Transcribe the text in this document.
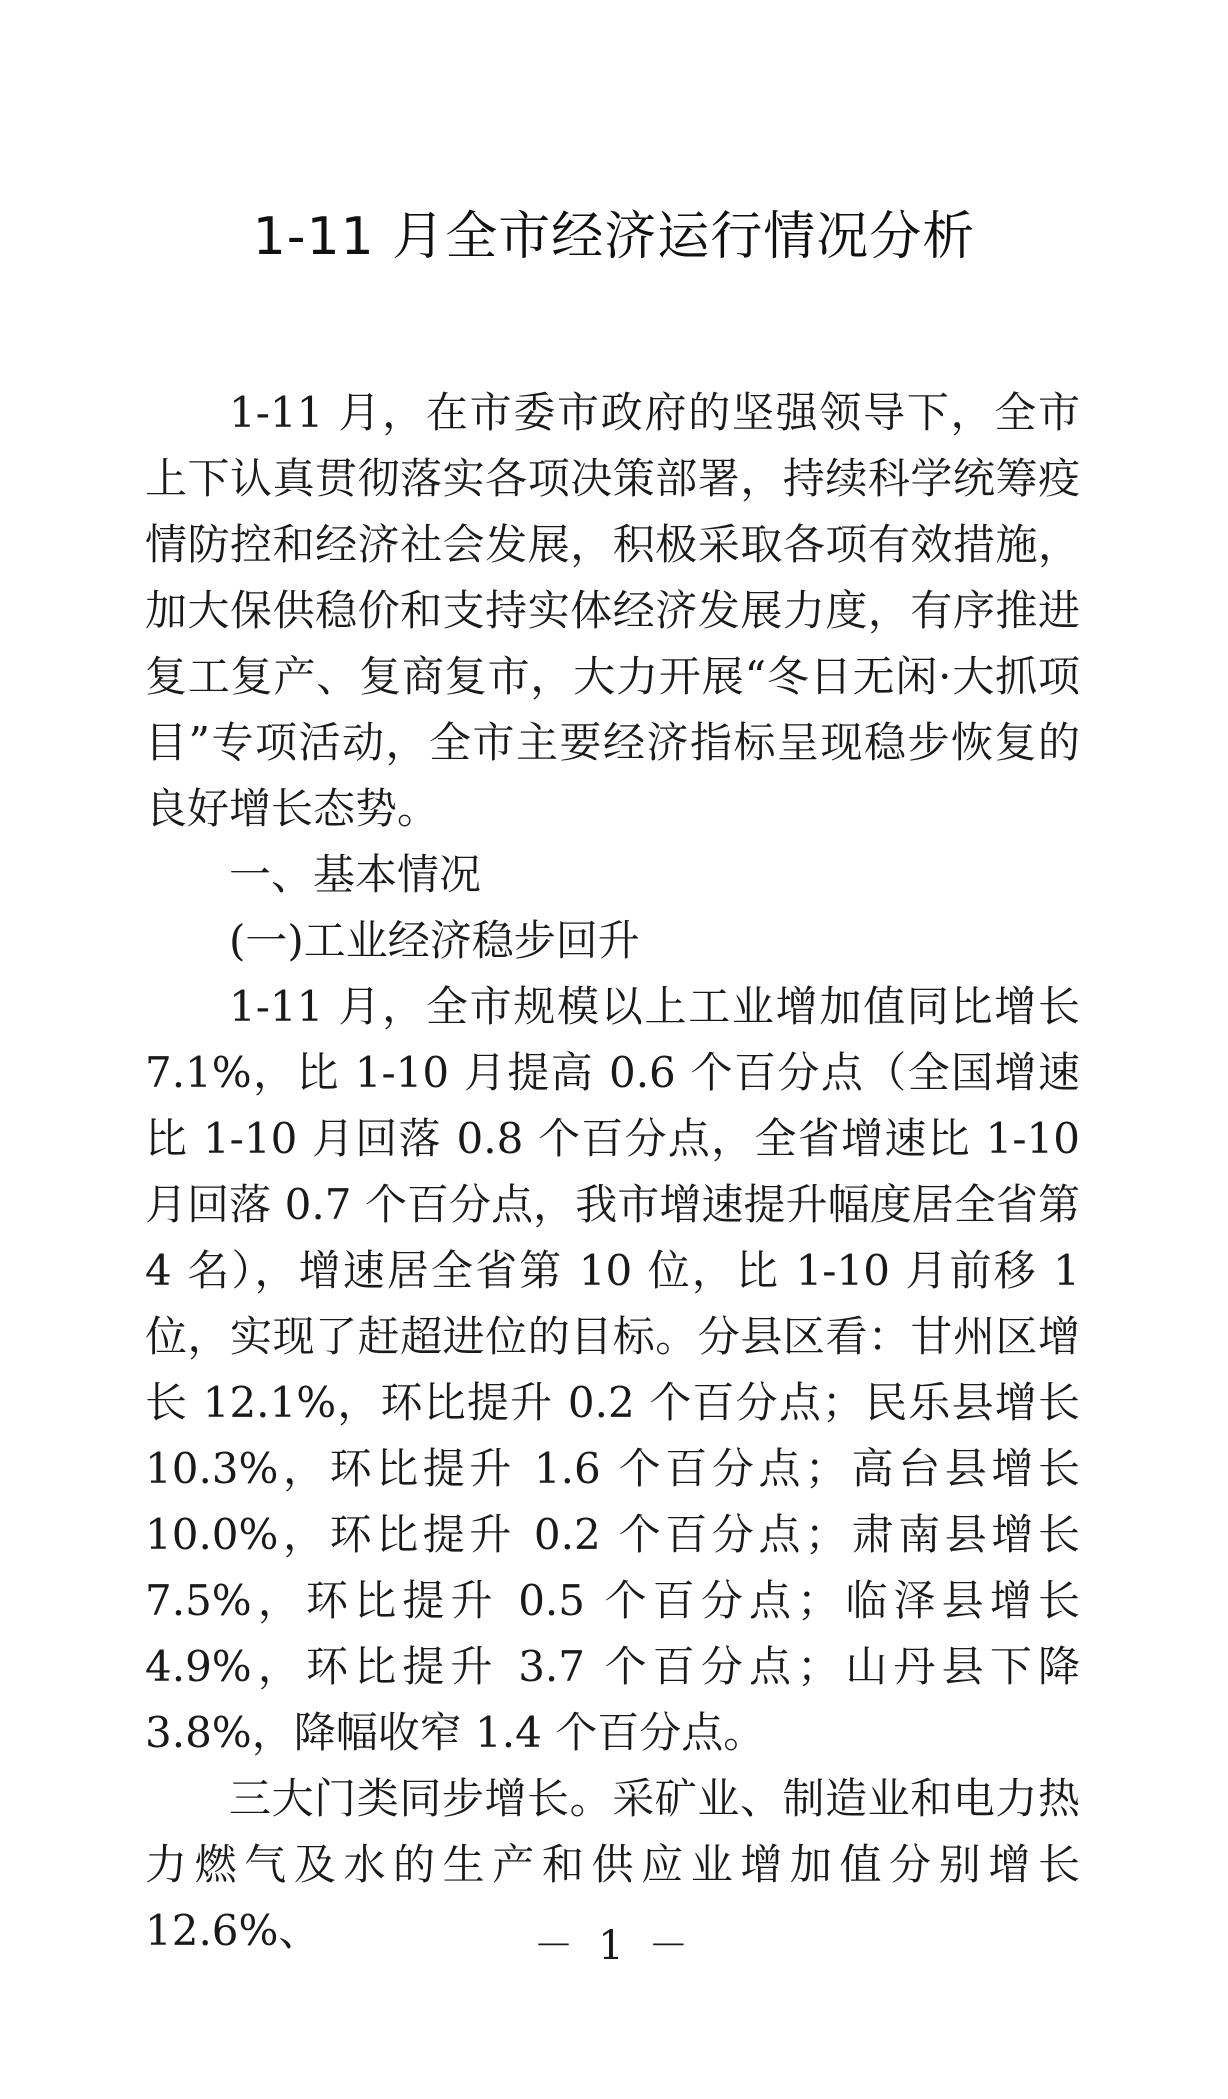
1-11 月全市经济运行情况分析

1-11 月，在市委市政府的坚强领导下，全市上下认真贯彻落实各项决策部署，持续科学统筹疫情防控和经济社会发展，积极采取各项有效措施，加大保供稳价和支持实体经济发展力度，有序推进复工复产、复商复市，大力开展“冬日无闲·大抓项目”专项活动，全市主要经济指标呈现稳步恢复的良好增长态势。

一、基本情况

(一)工业经济稳步回升

1-11 月，全市规模以上工业增加值同比增长 7.1%，比 1-10 月提高 0.6 个百分点（全国增速比 1-10 月回落 0.8 个百分点，全省增速比 1-10 月回落 0.7 个百分点，我市增速提升幅度居全省第 4 名），增速居全省第 10 位，比 1-10 月前移 1 位，实现了赶超进位的目标。分县区看：甘州区增长 12.1%，环比提升 0.2 个百分点；民乐县增长 10.3%，环比提升 1.6 个百分点；高台县增长 10.0%，环比提升 0.2 个百分点；肃南县增长 7.5%，环比提升 0.5 个百分点；临泽县增长 4.9%，环比提升 3.7 个百分点；山丹县下降 3.8%，降幅收窄 1.4 个百分点。

三大门类同步增长。采矿业、制造业和电力热力燃气及水的生产和供应业增加值分别增长 12.6%、	－ 1 －
